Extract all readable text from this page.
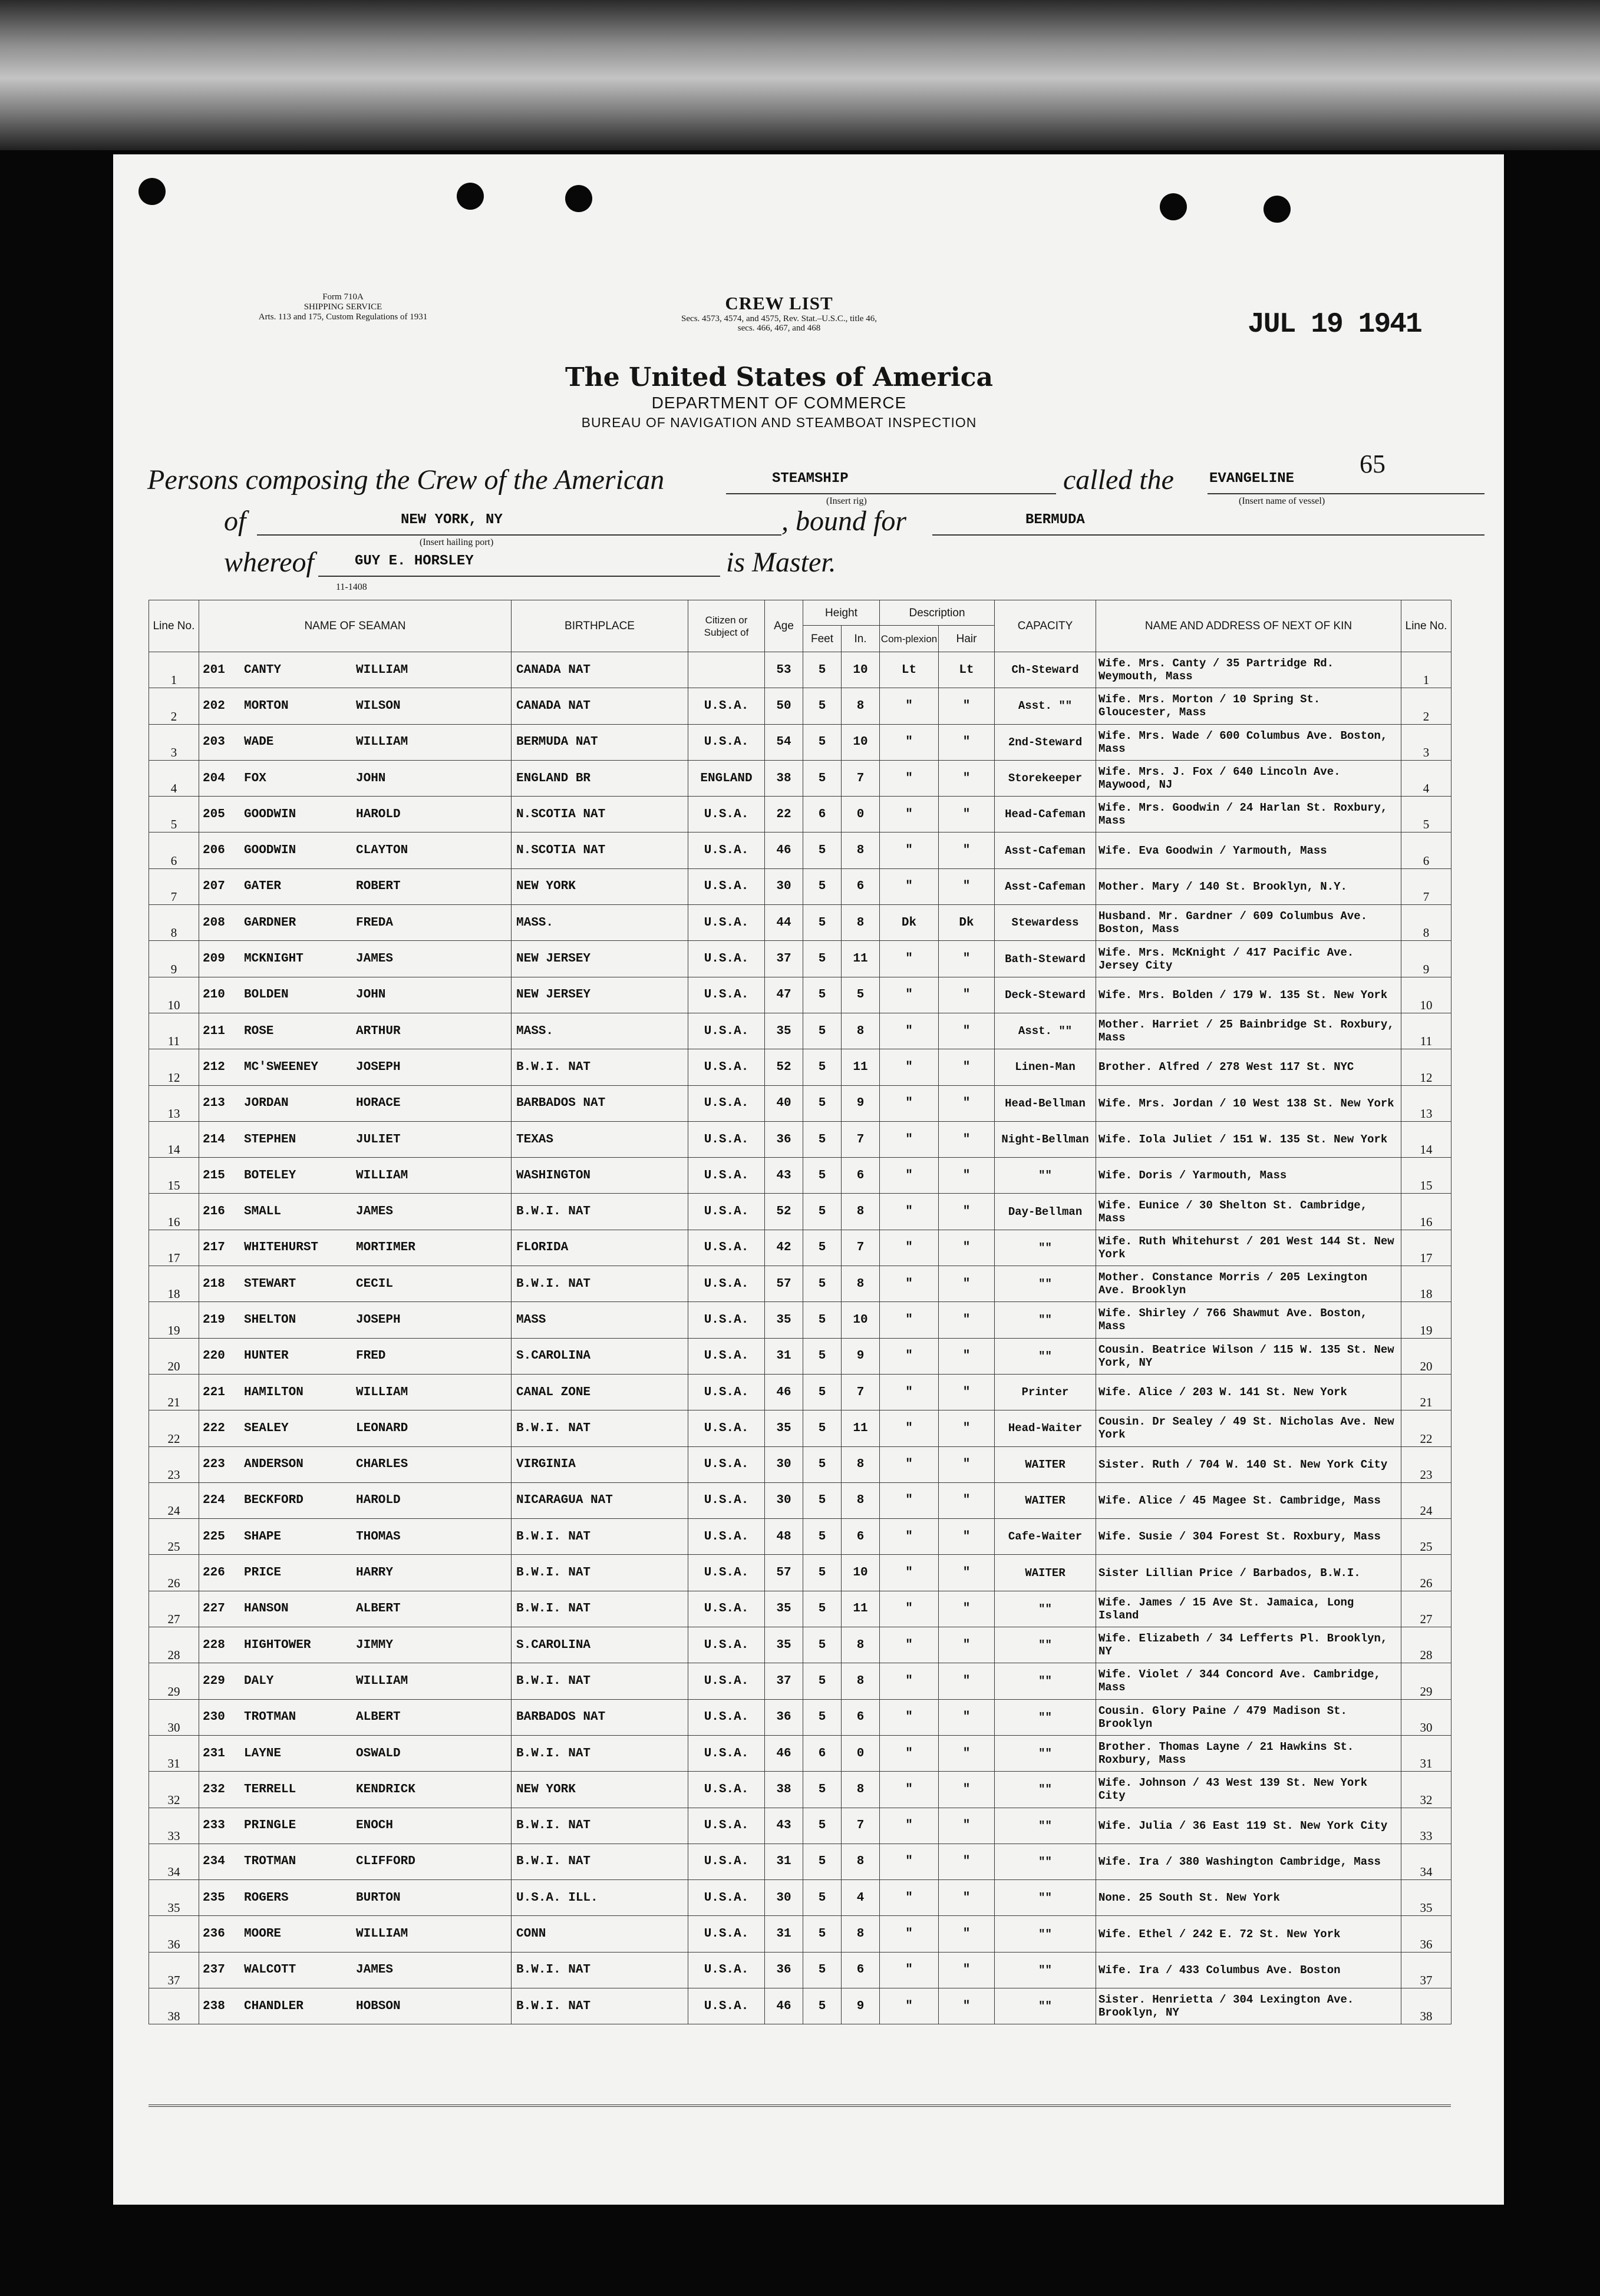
Form 710A
SHIPPING SERVICE
Arts. 113 and 175, Custom Regulations of 1931
CREW LIST
Secs. 4573, 4574, and 4575, Rev. Stat.–U.S.C., title 46,
secs. 466, 467, and 468	JUL 19 1941
The United States of America
DEPARTMENT OF COMMERCE
BUREAU OF NAVIGATION AND STEAMBOAT INSPECTION
65
Persons composing the Crew of the American	STEAMSHIP
(Insert rig)
called the	EVANGELINE
(Insert name of vessel)
of	NEW YORK, NY
(Insert hailing port)
, bound for	BERMUDA
whereof	GUY E. HORSLEY	is Master.
11-1408
Line No.	NAME OF SEAMAN	BIRTHPLACE	Citizen or Subject of	Age	Height		Description		CAPACITY	NAME AND ADDRESS OF NEXT OF KIN	Line No.
					Feet	In.	Com-plexion	Hair			
1	201 CANTY WILLIAM	CANADA NAT		53	5	10	Lt	Lt	Ch-Steward	Wife. Mrs. Canty / 35 Partridge Rd. Weymouth, Mass	1
2	202 MORTON WILSON	CANADA NAT	U.S.A.	50	5	8	"	"	Asst. ""	Wife. Mrs. Morton / 10 Spring St. Gloucester, Mass	2
3	203 WADE WILLIAM	BERMUDA NAT	U.S.A.	54	5	10	"	"	2nd-Steward	Wife. Mrs. Wade / 600 Columbus Ave. Boston, Mass	3
4	204 FOX JOHN	ENGLAND BR	ENGLAND	38	5	7	"	"	Storekeeper	Wife. Mrs. J. Fox / 640 Lincoln Ave. Maywood, NJ	4
5	205 GOODWIN HAROLD	N.SCOTIA NAT	U.S.A.	22	6	0	"	"	Head-Cafeman	Wife. Mrs. Goodwin / 24 Harlan St. Roxbury, Mass	5
6	206 GOODWIN CLAYTON	N.SCOTIA NAT	U.S.A.	46	5	8	"	"	Asst-Cafeman	Wife. Eva Goodwin / Yarmouth, Mass	6
7	207 GATER ROBERT	NEW YORK	U.S.A.	30	5	6	"	"	Asst-Cafeman	Mother. Mary / 140 St. Brooklyn, N.Y.	7
8	208 GARDNER FREDA	MASS.	U.S.A.	44	5	8	Dk	Dk	Stewardess	Husband. Mr. Gardner / 609 Columbus Ave. Boston, Mass	8
9	209 MCKNIGHT JAMES	NEW JERSEY	U.S.A.	37	5	11	"	"	Bath-Steward	Wife. Mrs. McKnight / 417 Pacific Ave. Jersey City	9
10	210 BOLDEN JOHN	NEW JERSEY	U.S.A.	47	5	5	"	"	Deck-Steward	Wife. Mrs. Bolden / 179 W. 135 St. New York	10
11	211 ROSE ARTHUR	MASS.	U.S.A.	35	5	8	"	"	Asst. ""	Mother. Harriet / 25 Bainbridge St. Roxbury, Mass	11
12	212 MC'SWEENEY JOSEPH	B.W.I. NAT	U.S.A.	52	5	11	"	"	Linen-Man	Brother. Alfred / 278 West 117 St. NYC	12
13	213 JORDAN HORACE	BARBADOS NAT	U.S.A.	40	5	9	"	"	Head-Bellman	Wife. Mrs. Jordan / 10 West 138 St. New York	13
14	214 STEPHEN JULIET	TEXAS	U.S.A.	36	5	7	"	"	Night-Bellman	Wife. Iola Juliet / 151 W. 135 St. New York	14
15	215 BOTELEY WILLIAM	WASHINGTON	U.S.A.	43	5	6	"	"	""	Wife. Doris / Yarmouth, Mass	15
16	216 SMALL JAMES	B.W.I. NAT	U.S.A.	52	5	8	"	"	Day-Bellman	Wife. Eunice / 30 Shelton St. Cambridge, Mass	16
17	217 WHITEHURST MORTIMER	FLORIDA	U.S.A.	42	5	7	"	"	""	Wife. Ruth Whitehurst / 201 West 144 St. New York	17
18	218 STEWART CECIL	B.W.I. NAT	U.S.A.	57	5	8	"	"	""	Mother. Constance Morris / 205 Lexington Ave. Brooklyn	18
19	219 SHELTON JOSEPH	MASS	U.S.A.	35	5	10	"	"	""	Wife. Shirley / 766 Shawmut Ave. Boston, Mass	19
20	220 HUNTER FRED	S.CAROLINA	U.S.A.	31	5	9	"	"	""	Cousin. Beatrice Wilson / 115 W. 135 St. New York, NY	20
21	221 HAMILTON WILLIAM	CANAL ZONE	U.S.A.	46	5	7	"	"	Printer	Wife. Alice / 203 W. 141 St. New York	21
22	222 SEALEY LEONARD	B.W.I. NAT	U.S.A.	35	5	11	"	"	Head-Waiter	Cousin. Dr Sealey / 49 St. Nicholas Ave. New York	22
23	223 ANDERSON CHARLES	VIRGINIA	U.S.A.	30	5	8	"	"	WAITER	Sister. Ruth / 704 W. 140 St. New York City	23
24	224 BECKFORD HAROLD	NICARAGUA NAT	U.S.A.	30	5	8	"	"	WAITER	Wife. Alice / 45 Magee St. Cambridge, Mass	24
25	225 SHAPE THOMAS	B.W.I. NAT	U.S.A.	48	5	6	"	"	Cafe-Waiter	Wife. Susie / 304 Forest St. Roxbury, Mass	25
26	226 PRICE HARRY	B.W.I. NAT	U.S.A.	57	5	10	"	"	WAITER	Sister Lillian Price / Barbados, B.W.I.	26
27	227 HANSON ALBERT	B.W.I. NAT	U.S.A.	35	5	11	"	"	""	Wife. James / 15 Ave St. Jamaica, Long Island	27
28	228 HIGHTOWER JIMMY	S.CAROLINA	U.S.A.	35	5	8	"	"	""	Wife. Elizabeth / 34 Lefferts Pl. Brooklyn, NY	28
29	229 DALY WILLIAM	B.W.I. NAT	U.S.A.	37	5	8	"	"	""	Wife. Violet / 344 Concord Ave. Cambridge, Mass	29
30	230 TROTMAN ALBERT	BARBADOS NAT	U.S.A.	36	5	6	"	"	""	Cousin. Glory Paine / 479 Madison St. Brooklyn	30
31	231 LAYNE OSWALD	B.W.I. NAT	U.S.A.	46	6	0	"	"	""	Brother. Thomas Layne / 21 Hawkins St. Roxbury, Mass	31
32	232 TERRELL KENDRICK	NEW YORK	U.S.A.	38	5	8	"	"	""	Wife. Johnson / 43 West 139 St. New York City	32
33	233 PRINGLE ENOCH	B.W.I. NAT	U.S.A.	43	5	7	"	"	""	Wife. Julia / 36 East 119 St. New York City	33
34	234 TROTMAN CLIFFORD	B.W.I. NAT	U.S.A.	31	5	8	"	"	""	Wife. Ira / 380 Washington Cambridge, Mass	34
35	235 ROGERS BURTON	U.S.A. ILL.	U.S.A.	30	5	4	"	"	""	None. 25 South St. New York	35
36	236 MOORE WILLIAM	CONN	U.S.A.	31	5	8	"	"	""	Wife. Ethel / 242 E. 72 St. New York	36
37	237 WALCOTT JAMES	B.W.I. NAT	U.S.A.	36	5	6	"	"	""	Wife. Ira / 433 Columbus Ave. Boston	37
38	238 CHANDLER HOBSON	B.W.I. NAT	U.S.A.	46	5	9	"	"	""	Sister. Henrietta / 304 Lexington Ave. Brooklyn, NY	38
